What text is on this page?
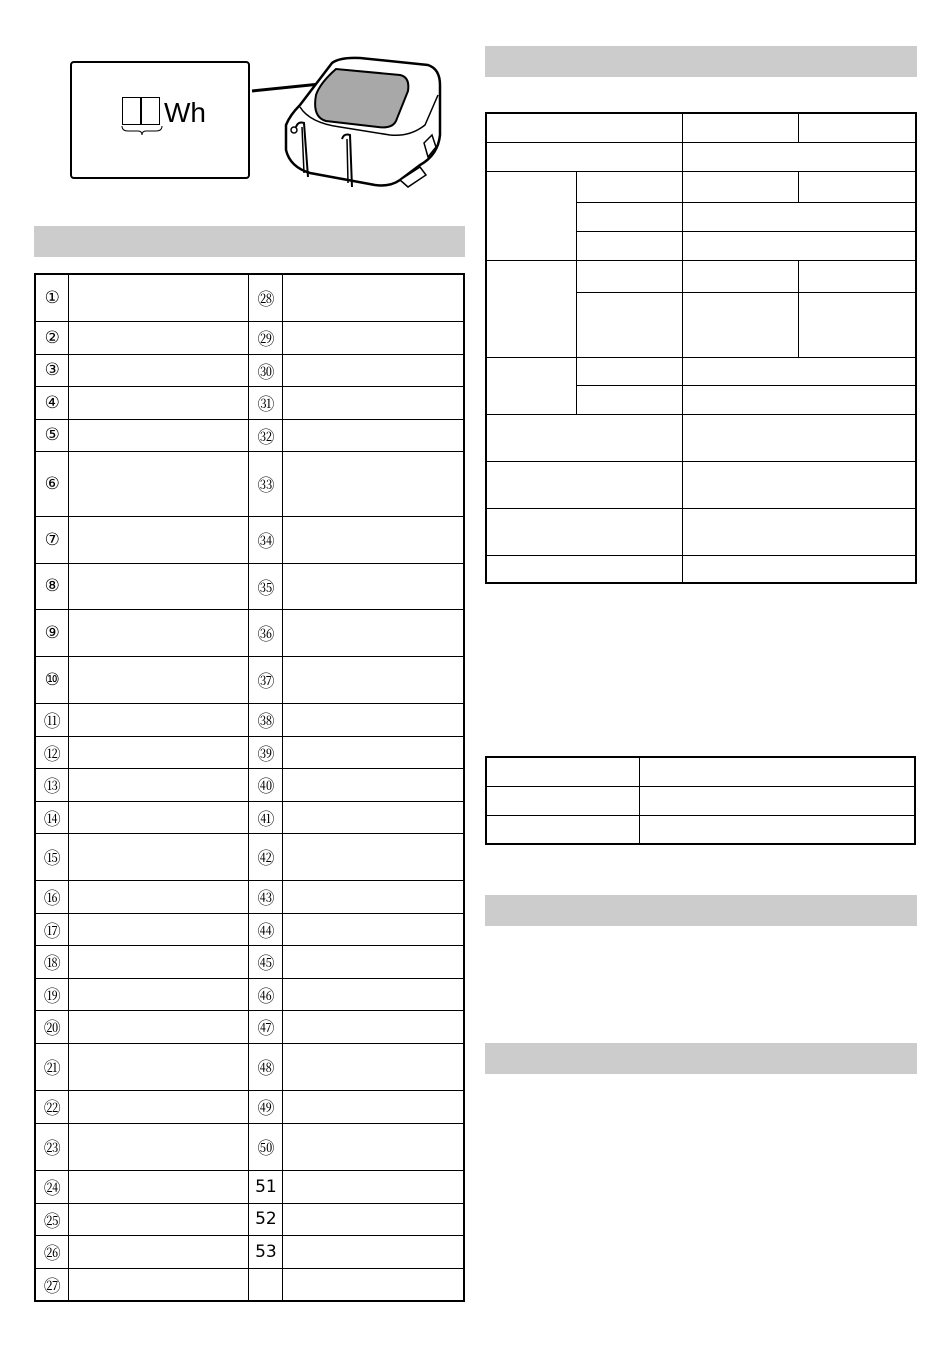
Wh
①		㉘	
②		㉙	
③		㉚	
④		㉛	
⑤		㉜	
⑥		㉝	
⑦		㉞	
⑧		㉟	
⑨		㊱	
⑩		㊲	
⑪		㊳	
⑫		㊴	
⑬		㊵	
⑭		㊶	
⑮		㊷	
⑯		㊸	
⑰		㊹	
⑱		㊺	
⑲		㊻	
⑳		㊼	
㉑		㊽	
㉒		㊾	
㉓		㊿	
㉔		51	
㉕		52	
㉖		53	
㉗			
